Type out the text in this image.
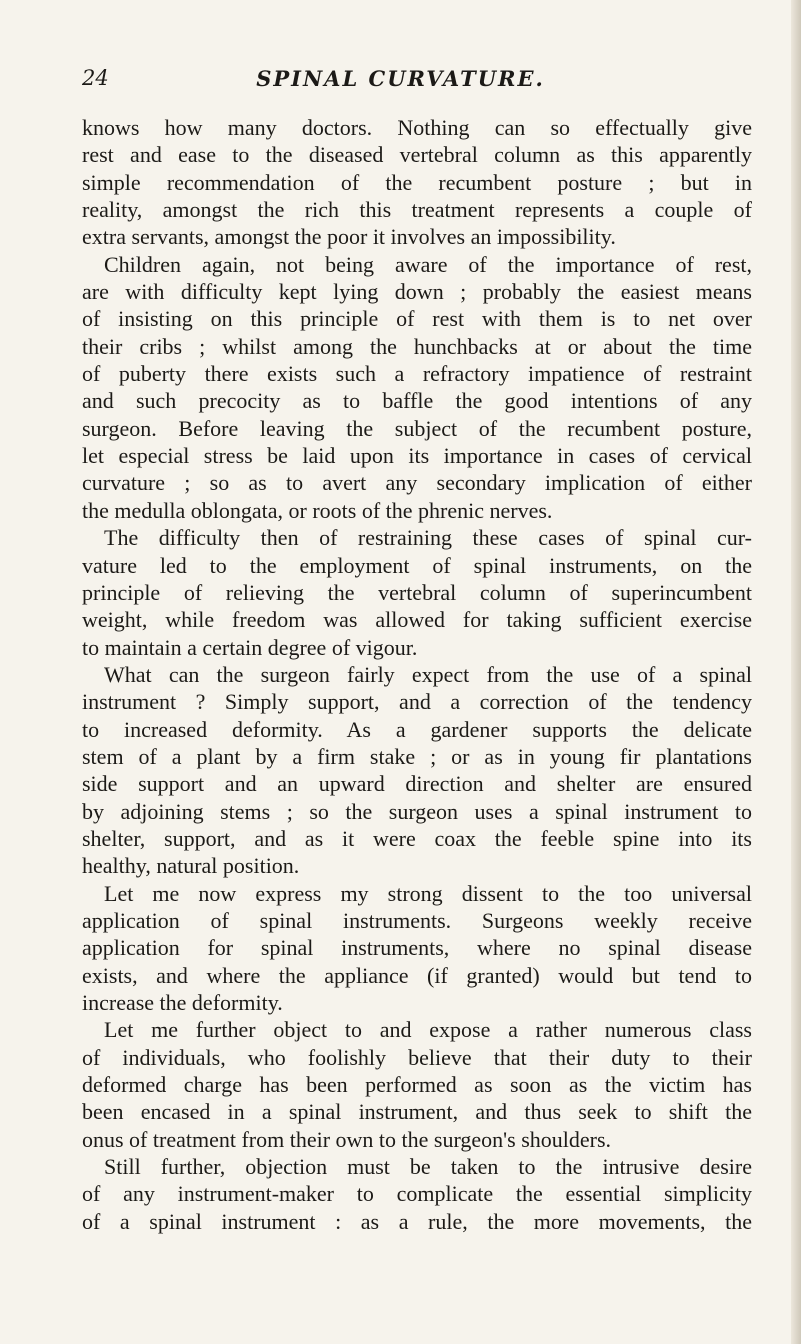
SPINAL CURVATURE.
24
knows how many doctors. Nothing can so effectually give
rest and ease to the diseased vertebral column as this apparently
simple recommendation of the recumbent posture ; but in
reality, amongst the rich this treatment represents a couple of
extra servants, amongst the poor it involves an impossibility.
Children again, not being aware of the importance of rest,
are with difficulty kept lying down ; probably the easiest means
of insisting on this principle of rest with them is to net over
their cribs ; whilst among the hunchbacks at or about the time
of puberty there exists such a refractory impatience of restraint
and such precocity as to baffle the good intentions of any
surgeon. Before leaving the subject of the recumbent posture,
let especial stress be laid upon its importance in cases of cervical
curvature ; so as to avert any secondary implication of either
the medulla oblongata, or roots of the phrenic nerves.
The difficulty then of restraining these cases of spinal cur-
vature led to the employment of spinal instruments, on the
principle of relieving the vertebral column of superincumbent
weight, while freedom was allowed for taking sufficient exercise
to maintain a certain degree of vigour.
What can the surgeon fairly expect from the use of a spinal
instrument ? Simply support, and a correction of the tendency
to increased deformity. As a gardener supports the delicate
stem of a plant by a firm stake ; or as in young fir plantations
side support and an upward direction and shelter are ensured
by adjoining stems ; so the surgeon uses a spinal instrument to
shelter, support, and as it were coax the feeble spine into its
healthy, natural position.
Let me now express my strong dissent to the too universal
application of spinal instruments. Surgeons weekly receive
application for spinal instruments, where no spinal disease
exists, and where the appliance (if granted) would but tend to
increase the deformity.
Let me further object to and expose a rather numerous class
of individuals, who foolishly believe that their duty to their
deformed charge has been performed as soon as the victim has
been encased in a spinal instrument, and thus seek to shift the
onus of treatment from their own to the surgeon's shoulders.
Still further, objection must be taken to the intrusive desire
of any instrument-maker to complicate the essential simplicity
of a spinal instrument : as a rule, the more movements, the
